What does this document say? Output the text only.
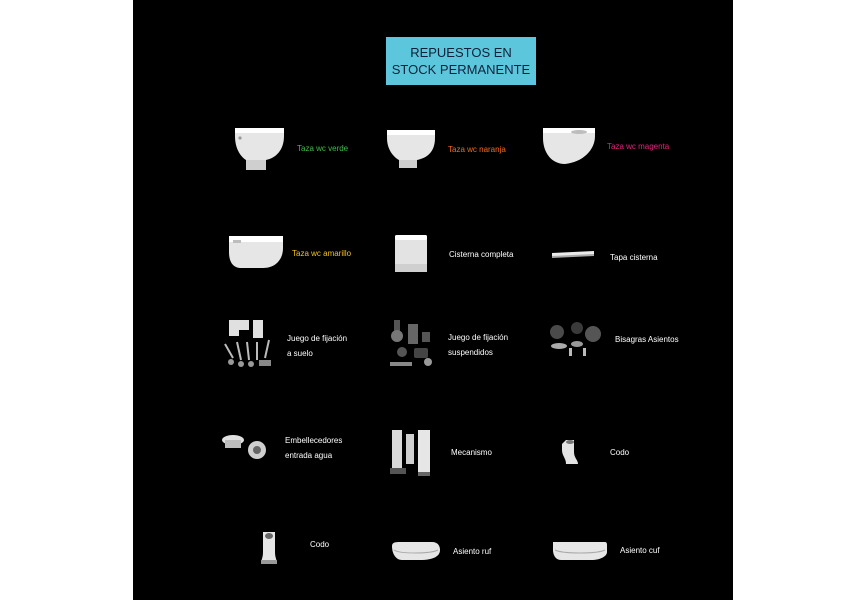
REPUESTOS EN
STOCK PERMANENTE
Taza wc verde	Taza wc naranja	Taza wc magenta
Taza wc amarillo	Cisterna completa	Tapa cisterna
Juego de fijación
a suelo
Juego de fijación
suspendidos
Bisagras Asientos
Embellecedores
entrada agua	Mecanismo	Codo
Codo
Asiento ruf	Asiento cuf
